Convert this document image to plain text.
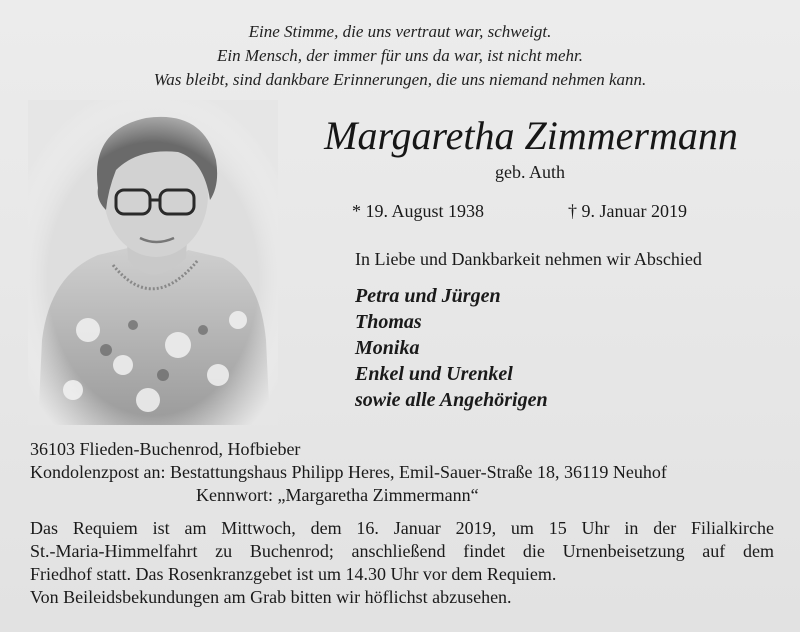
Eine Stimme, die uns vertraut war, schweigt.
Ein Mensch, der immer für uns da war, ist nicht mehr.
Was bleibt, sind dankbare Erinnerungen, die uns niemand nehmen kann.
Margaretha Zimmermann
geb. Auth
* 19. August 1938	† 9. Januar 2019
In Liebe und Dankbarkeit nehmen wir Abschied
Petra und Jürgen
Thomas
Monika
Enkel und Urenkel
sowie alle Angehörigen
36103 Flieden-Buchenrod, Hofbieber
Kondolenzpost an: Bestattungshaus Philipp Heres, Emil-Sauer-Straße 18, 36119 Neuhof
Kennwort: „Margaretha Zimmermann“
Das Requiem ist am Mittwoch, dem 16. Januar 2019, um 15 Uhr in der Filialkirche
St.-Maria-Himmelfahrt zu Buchenrod; anschließend findet die Urnenbeisetzung auf dem
Friedhof statt. Das Rosenkranzgebet ist um 14.30 Uhr vor dem Requiem.
Von Beileidsbekundungen am Grab bitten wir höflichst abzusehen.
